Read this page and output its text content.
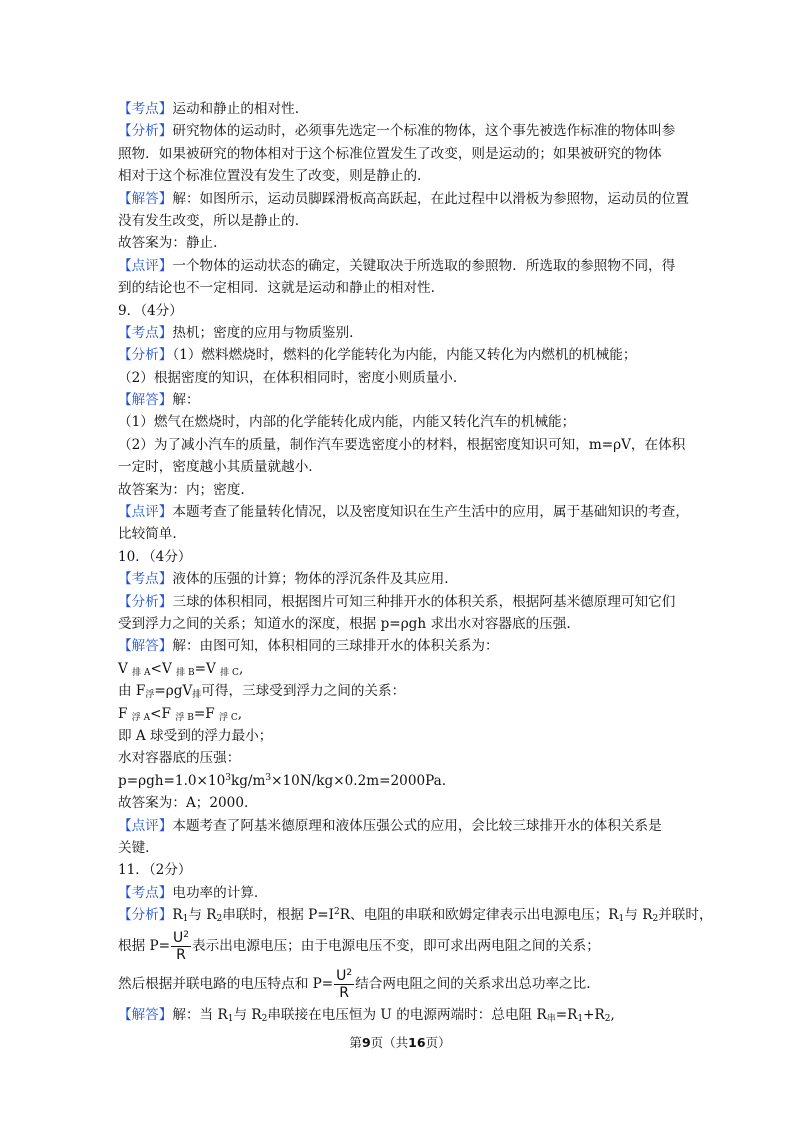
【考点】运动和静止的相对性.
【分析】研究物体的运动时，必须事先选定一个标准的物体，这个事先被选作标准的物体叫参
照物．如果被研究的物体相对于这个标准位置发生了改变，则是运动的；如果被研究的物体
相对于这个标准位置没有发生了改变，则是静止的.
【解答】解：如图所示，运动员脚踩滑板高高跃起，在此过程中以滑板为参照物，运动员的位置
没有发生改变，所以是静止的.
故答案为：静止.
【点评】一个物体的运动状态的确定，关键取决于所选取的参照物．所选取的参照物不同，得
到的结论也不一定相同．这就是运动和静止的相对性.
9．（4分）
【考点】热机；密度的应用与物质鉴别.
【分析】（1）燃料燃烧时，燃料的化学能转化为内能，内能又转化为内燃机的机械能；
（2）根据密度的知识，在体积相同时，密度小则质量小.
【解答】解：
（1）燃气在燃烧时，内部的化学能转化成内能，内能又转化汽车的机械能；
（2）为了减小汽车的质量，制作汽车要选密度小的材料，根据密度知识可知，m=ρV，在体积
一定时，密度越小其质量就越小.
故答案为：内；密度.
【点评】本题考查了能量转化情况，以及密度知识在生产生活中的应用，属于基础知识的考查，
比较简单.
10．（4分）
【考点】液体的压强的计算；物体的浮沉条件及其应用.
【分析】三球的体积相同，根据图片可知三种排开水的体积关系，根据阿基米德原理可知它们
受到浮力之间的关系；知道水的深度，根据 p=ρgh 求出水对容器底的压强.
【解答】解：由图可知，体积相同的三球排开水的体积关系为：
V $_{排 A}$<V $_{排 B}$=V $_{排 C}$,
由 $F_浮=\rho gV_排$可得，三球受到浮力之间的关系：
F $_{浮 A}$<F $_{浮 B}$=F $_{浮 C}$,
即 A 球受到的浮力最小；
水对容器底的压强：
$p=\rho gh=1.0\times 10^3kg/m^3\times 10N/kg\times 0.2m=2000Pa$.
故答案为：A；2000.
【点评】本题考查了阿基米德原理和液体压强公式的应用，会比较三球排开水的体积关系是
关键.
11．（2分）
【考点】电功率的计算.
【分析】$R_1$与 $R_2$串联时，根据 $P=I^2R$、电阻的串联和欧姆定律表示出电源电压；$R_1$与 $R_2$并联时，
根据 $P= \frac{U^2}{R}$ 表示出电源电压；由于电源电压不变，即可求出两电阻之间的关系；
然后根据并联电路的电压特点和 $P= \frac{U^2}{R}$ 结合两电阻之间的关系求出总功率之比.
【解答】解：当 $R_1$与 $R_2$串联接在电压恒为 U 的电源两端时：总电阻 $R_串=R_1+R_2$,
第9页（共16页）
